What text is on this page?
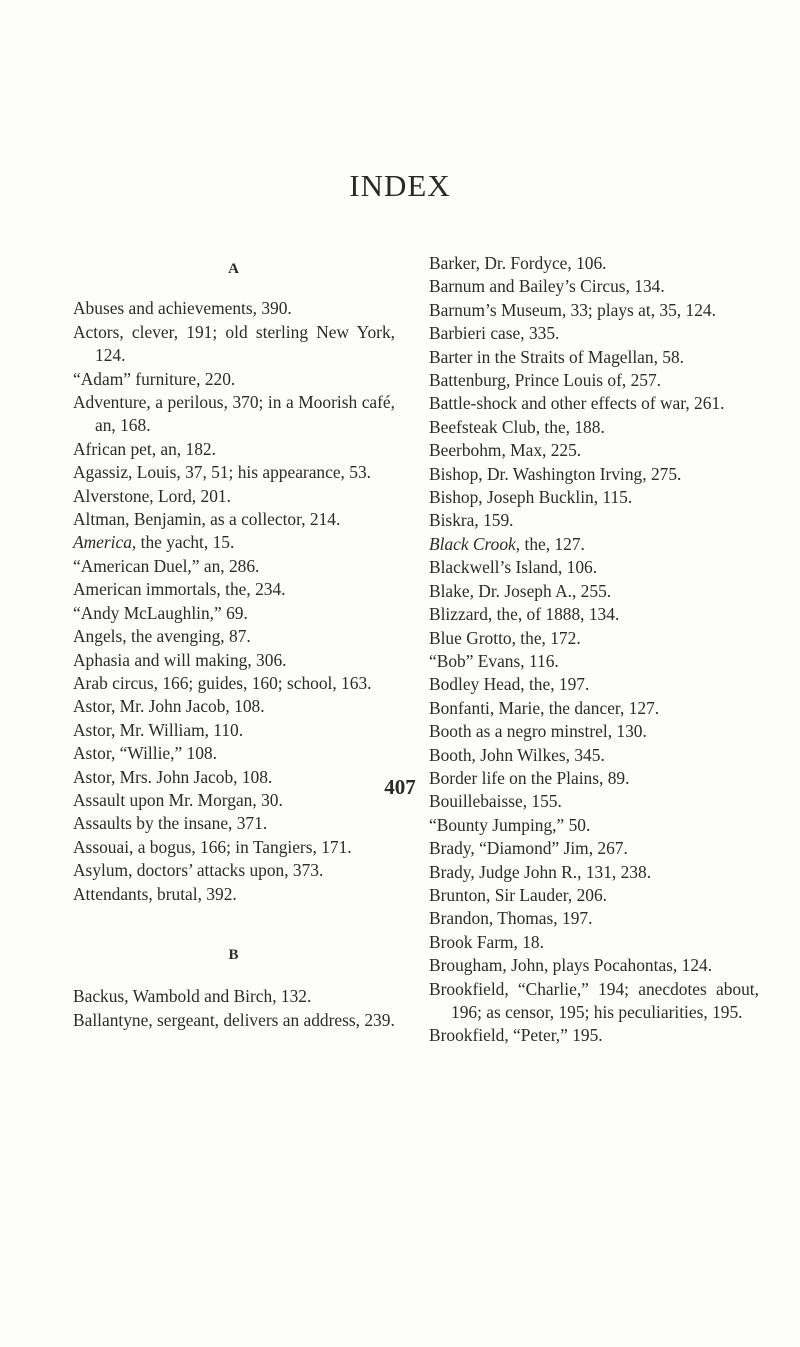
INDEX
A
Abuses and achievements, 390.
Actors, clever, 191; old sterling New York, 124.
“Adam” furniture, 220.
Adventure, a perilous, 370; in a Moorish café, an, 168.
African pet, an, 182.
Agassiz, Louis, 37, 51; his appearance, 53.
Alverstone, Lord, 201.
Altman, Benjamin, as a collector, 214.
America, the yacht, 15.
“American Duel,” an, 286.
American immortals, the, 234.
“Andy McLaughlin,” 69.
Angels, the avenging, 87.
Aphasia and will making, 306.
Arab circus, 166; guides, 160; school, 163.
Astor, Mr. John Jacob, 108.
Astor, Mr. William, 110.
Astor, “Willie,” 108.
Astor, Mrs. John Jacob, 108.
Assault upon Mr. Morgan, 30.
Assaults by the insane, 371.
Assouai, a bogus, 166; in Tangiers, 171.
Asylum, doctors’ attacks upon, 373.
Attendants, brutal, 392.
B
Backus, Wambold and Birch, 132.
Ballantyne, sergeant, delivers an address, 239.
Barker, Dr. Fordyce, 106.
Barnum and Bailey’s Circus, 134.
Barnum’s Museum, 33; plays at, 35, 124.
Barbieri case, 335.
Barter in the Straits of Magellan, 58.
Battenburg, Prince Louis of, 257.
Battle-shock and other effects of war, 261.
Beefsteak Club, the, 188.
Beerbohm, Max, 225.
Bishop, Dr. Washington Irving, 275.
Bishop, Joseph Bucklin, 115.
Biskra, 159.
Black Crook, the, 127.
Blackwell’s Island, 106.
Blake, Dr. Joseph A., 255.
Blizzard, the, of 1888, 134.
Blue Grotto, the, 172.
“Bob” Evans, 116.
Bodley Head, the, 197.
Bonfanti, Marie, the dancer, 127.
Booth as a negro minstrel, 130.
Booth, John Wilkes, 345.
Border life on the Plains, 89.
Bouillebaisse, 155.
“Bounty Jumping,” 50.
Brady, “Diamond” Jim, 267.
Brady, Judge John R., 131, 238.
Brunton, Sir Lauder, 206.
Brandon, Thomas, 197.
Brook Farm, 18.
Brougham, John, plays Pocahontas, 124.
Brookfield, “Charlie,” 194; anecdotes about, 196; as censor, 195; his peculiarities, 195.
Brookfield, “Peter,” 195.
407
